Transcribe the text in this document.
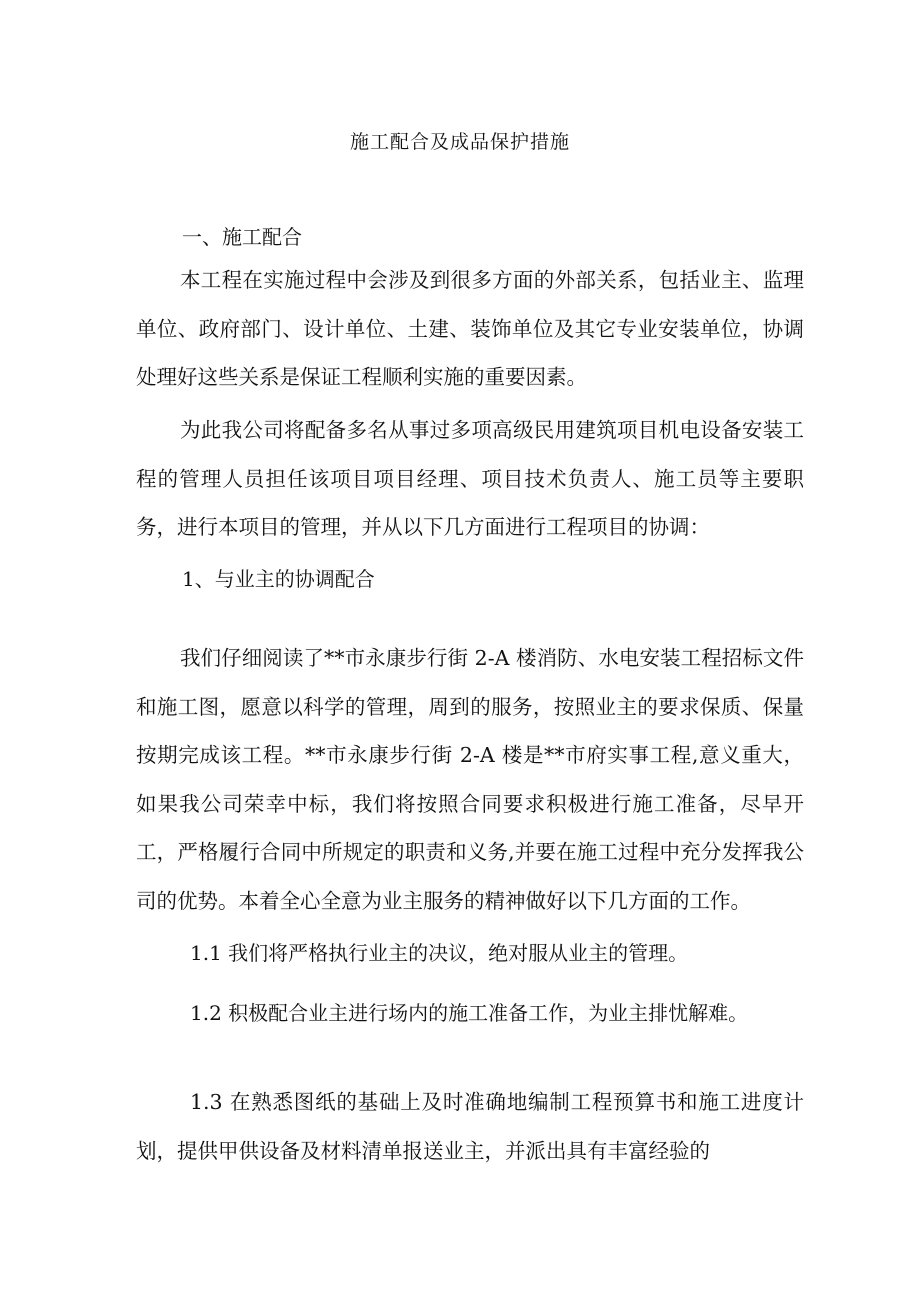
施工配合及成品保护措施
一、施工配合
本工程在实施过程中会涉及到很多方面的外部关系，包括业主、监理单位、政府部门、设计单位、土建、装饰单位及其它专业安装单位，协调处理好这些关系是保证工程顺利实施的重要因素。
为此我公司将配备多名从事过多项高级民用建筑项目机电设备安装工程的管理人员担任该项目项目经理、项目技术负责人、施工员等主要职务，进行本项目的管理，并从以下几方面进行工程项目的协调：
1、与业主的协调配合
我们仔细阅读了**市永康步行街 2-A 楼消防、水电安装工程招标文件和施工图，愿意以科学的管理，周到的服务，按照业主的要求保质、保量按期完成该工程。**市永康步行街 2-A 楼是**市府实事工程,意义重大，如果我公司荣幸中标，我们将按照合同要求积极进行施工准备，尽早开工，严格履行合同中所规定的职责和义务,并要在施工过程中充分发挥我公司的优势。本着全心全意为业主服务的精神做好以下几方面的工作。
1.1 我们将严格执行业主的决议，绝对服从业主的管理。
1.2 积极配合业主进行场内的施工准备工作，为业主排忧解难。
1.3 在熟悉图纸的基础上及时准确地编制工程预算书和施工进度计划，提供甲供设备及材料清单报送业主，并派出具有丰富经验的
